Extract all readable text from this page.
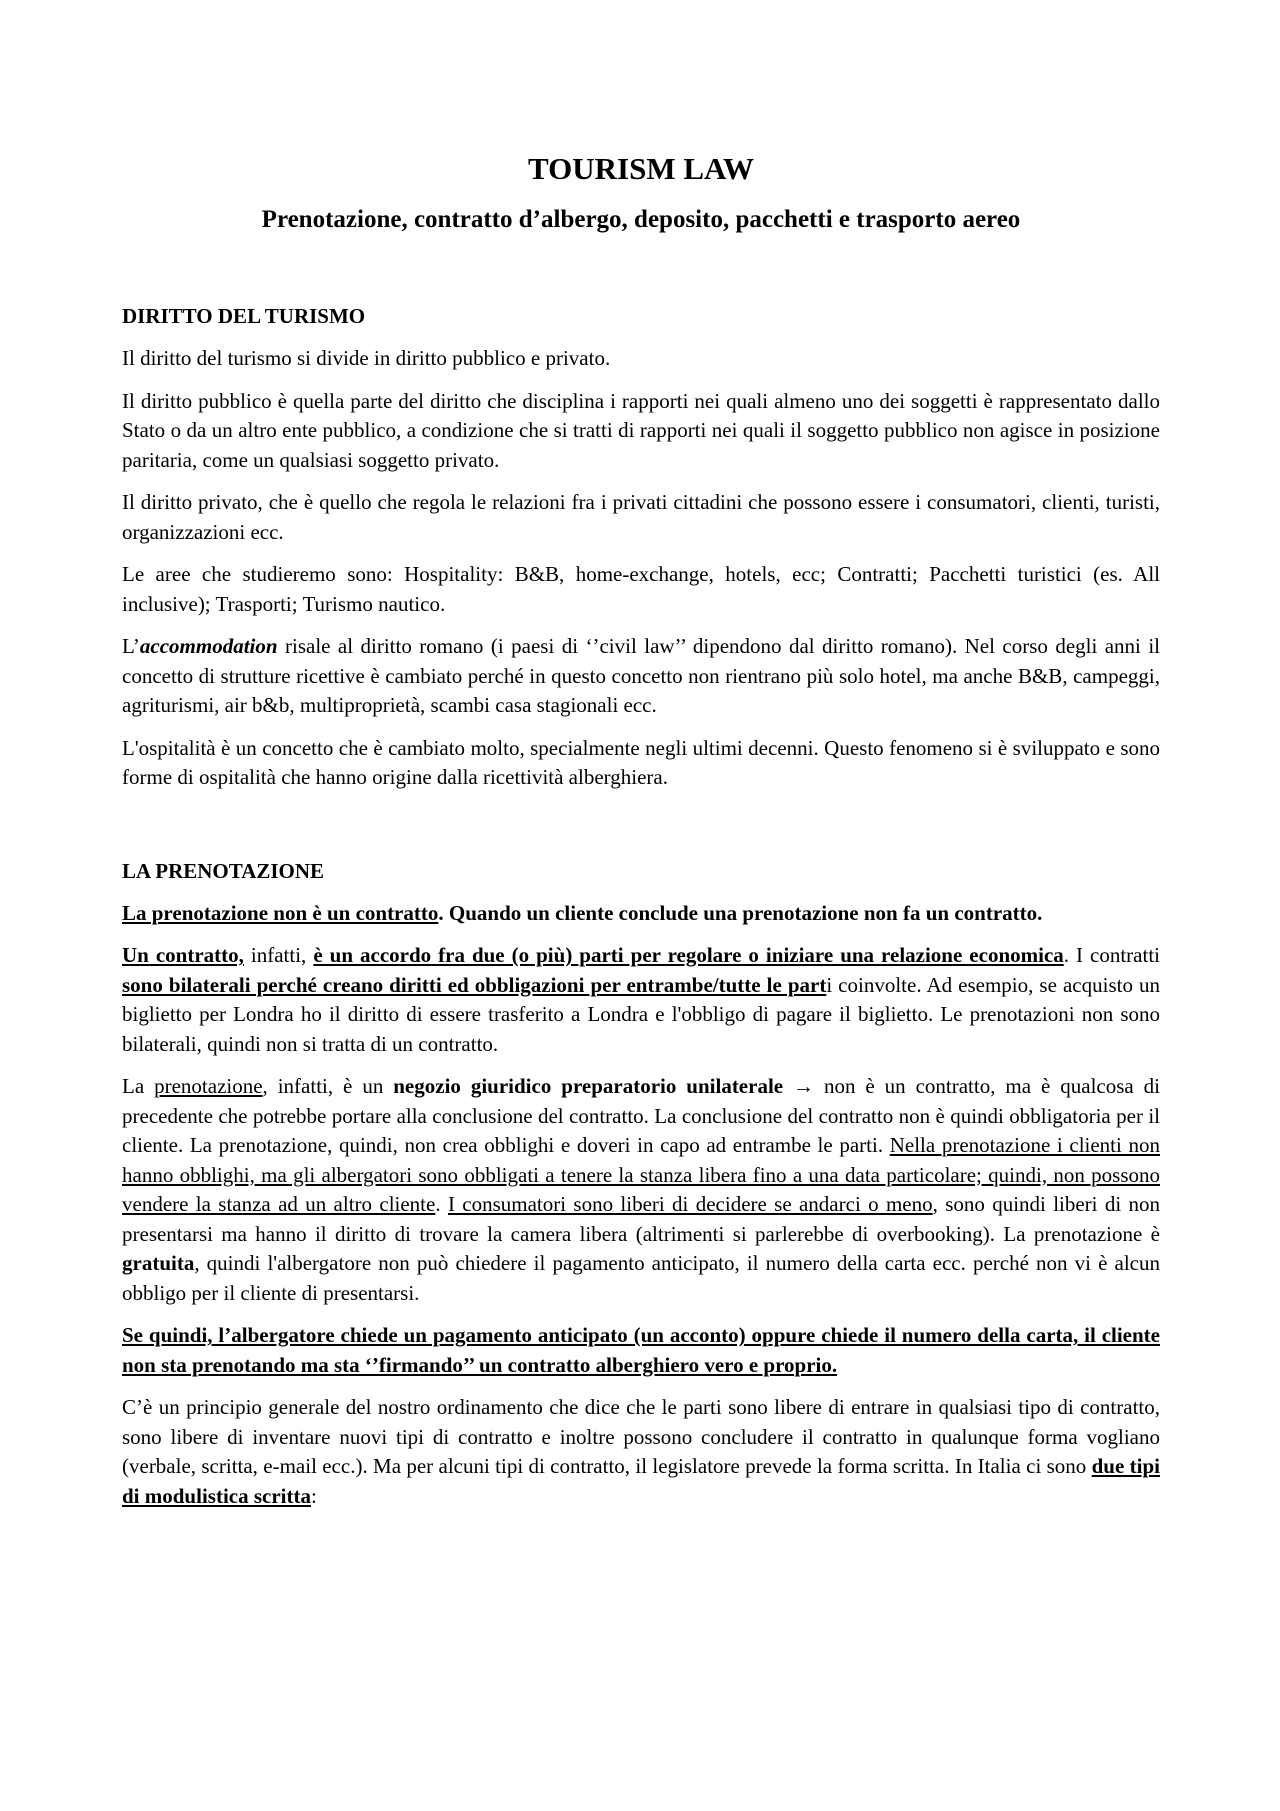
TOURISM LAW
Prenotazione, contratto d’albergo, deposito, pacchetti e trasporto aereo
DIRITTO DEL TURISMO

Il diritto del turismo si divide in diritto pubblico e privato.

Il diritto pubblico è quella parte del diritto che disciplina i rapporti nei quali almeno uno dei soggetti è rappresentato dallo Stato o da un altro ente pubblico, a condizione che si tratti di rapporti nei quali il soggetto pubblico non agisce in posizione paritaria, come un qualsiasi soggetto privato.

Il diritto privato, che è quello che regola le relazioni fra i privati cittadini che possono essere i consumatori, clienti, turisti, organizzazioni ecc.

Le aree che studieremo sono: Hospitality: B&B, home-exchange, hotels, ecc; Contratti; Pacchetti turistici (es. All inclusive); Trasporti; Turismo nautico.

L’accommodation risale al diritto romano (i paesi di ‘’civil law’’ dipendono dal diritto romano). Nel corso degli anni il concetto di strutture ricettive è cambiato perché in questo concetto non rientrano più solo hotel, ma anche B&B, campeggi, agriturismi, air b&b, multiproprietà, scambi casa stagionali ecc.

L'ospitalità è un concetto che è cambiato molto, specialmente negli ultimi decenni. Questo fenomeno si è sviluppato e sono forme di ospitalità che hanno origine dalla ricettività alberghiera.

LA PRENOTAZIONE

La prenotazione non è un contratto. Quando un cliente conclude una prenotazione non fa un contratto.

Un contratto, infatti, è un accordo fra due (o più) parti per regolare o iniziare una relazione economica. I contratti sono bilaterali perché creano diritti ed obbligazioni per entrambe/tutte le parti coinvolte. Ad esempio, se acquisto un biglietto per Londra ho il diritto di essere trasferito a Londra e l'obbligo di pagare il biglietto. Le prenotazioni non sono bilaterali, quindi non si tratta di un contratto.

La prenotazione, infatti, è un negozio giuridico preparatorio unilaterale → non è un contratto, ma è qualcosa di precedente che potrebbe portare alla conclusione del contratto. La conclusione del contratto non è quindi obbligatoria per il cliente. La prenotazione, quindi, non crea obblighi e doveri in capo ad entrambe le parti. Nella prenotazione i clienti non hanno obblighi, ma gli albergatori sono obbligati a tenere la stanza libera fino a una data particolare; quindi, non possono vendere la stanza ad un altro cliente. I consumatori sono liberi di decidere se andarci o meno, sono quindi liberi di non presentarsi ma hanno il diritto di trovare la camera libera (altrimenti si parlerebbe di overbooking). La prenotazione è gratuita, quindi l'albergatore non può chiedere il pagamento anticipato, il numero della carta ecc. perché non vi è alcun obbligo per il cliente di presentarsi.

Se quindi, l’albergatore chiede un pagamento anticipato (un acconto) oppure chiede il numero della carta, il cliente non sta prenotando ma sta ‘’firmando’’ un contratto alberghiero vero e proprio.

C’è un principio generale del nostro ordinamento che dice che le parti sono libere di entrare in qualsiasi tipo di contratto, sono libere di inventare nuovi tipi di contratto e inoltre possono concludere il contratto in qualunque forma vogliano (verbale, scritta, e-mail ecc.). Ma per alcuni tipi di contratto, il legislatore prevede la forma scritta. In Italia ci sono due tipi di modulistica scritta:
